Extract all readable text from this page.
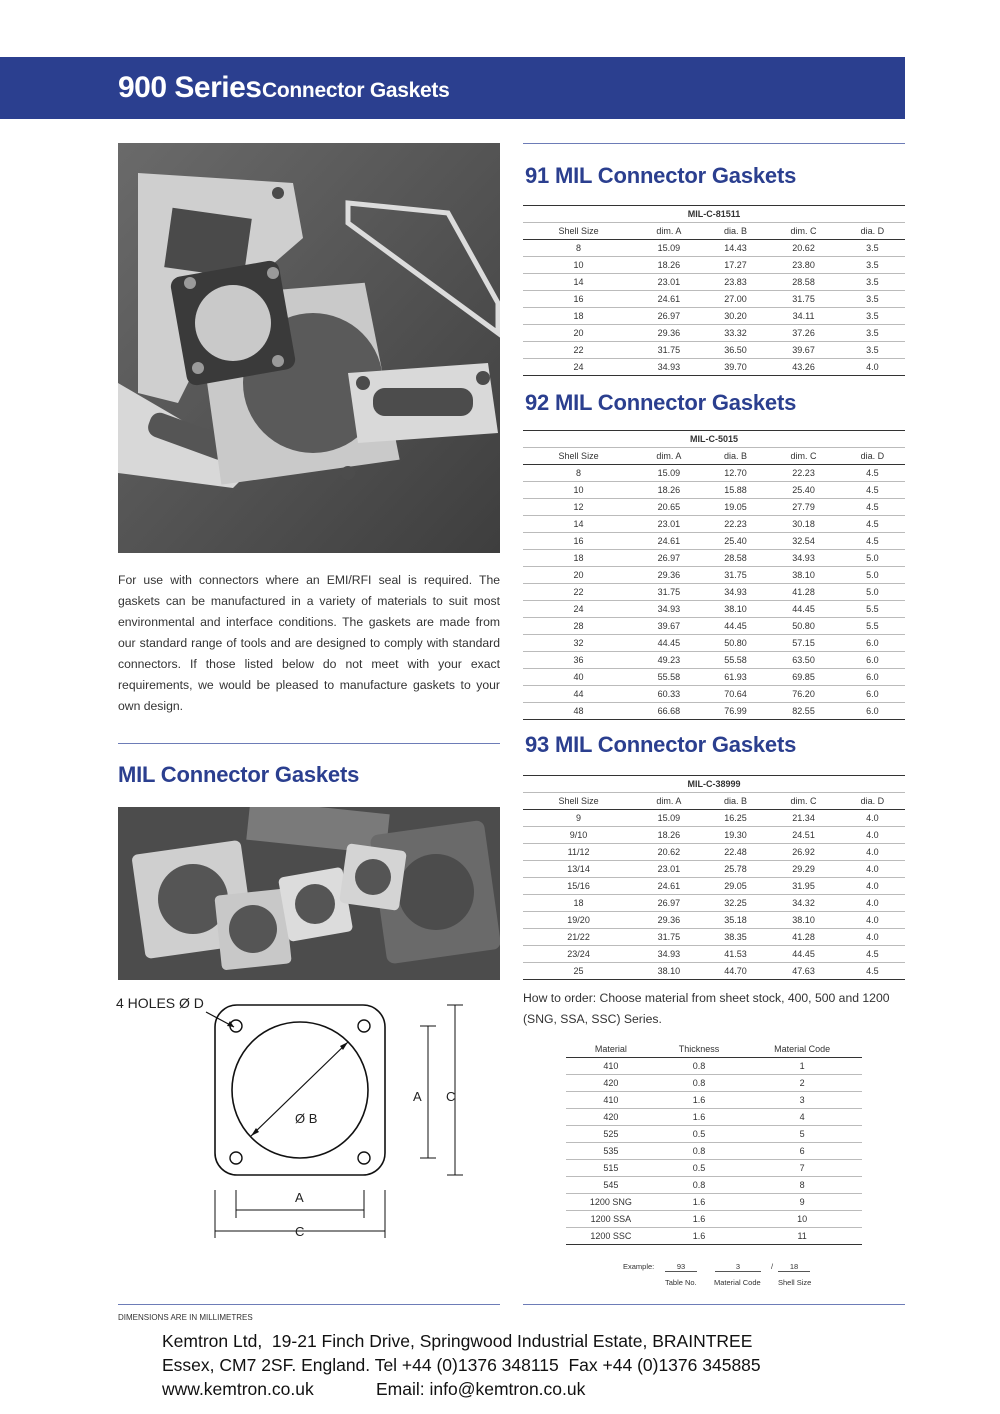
900 Series Connector Gaskets
For use with connectors where an EMI/RFI seal is required. The gaskets can be manufactured in a variety of materials to suit most environmental and interface conditions. The gaskets are made from our standard range of tools and are designed to comply with standard connectors. If those listed below do not meet with your exact requirements, we would be pleased to manufacture gaskets to your own design.
MIL Connector Gaskets
4 HOLES Ø D
Ø B
A C
A
C
91 MIL Connector Gaskets
MIL-C-81511				
Shell Size	dim. A	dia. B	dim. C	dia. D
8	15.09	14.43	20.62	3.5
10	18.26	17.27	23.80	3.5
14	23.01	23.83	28.58	3.5
16	24.61	27.00	31.75	3.5
18	26.97	30.20	34.11	3.5
20	29.36	33.32	37.26	3.5
22	31.75	36.50	39.67	3.5
24	34.93	39.70	43.26	4.0
92 MIL Connector Gaskets
MIL-C-5015				
Shell Size	dim. A	dia. B	dim. C	dia. D
8	15.09	12.70	22.23	4.5
10	18.26	15.88	25.40	4.5
12	20.65	19.05	27.79	4.5
14	23.01	22.23	30.18	4.5
16	24.61	25.40	32.54	4.5
18	26.97	28.58	34.93	5.0
20	29.36	31.75	38.10	5.0
22	31.75	34.93	41.28	5.0
24	34.93	38.10	44.45	5.5
28	39.67	44.45	50.80	5.5
32	44.45	50.80	57.15	6.0
36	49.23	55.58	63.50	6.0
40	55.58	61.93	69.85	6.0
44	60.33	70.64	76.20	6.0
48	66.68	76.99	82.55	6.0
93 MIL Connector Gaskets
MIL-C-38999				
Shell Size	dim. A	dia. B	dim. C	dia. D
9	15.09	16.25	21.34	4.0
9/10	18.26	19.30	24.51	4.0
11/12	20.62	22.48	26.92	4.0
13/14	23.01	25.78	29.29	4.0
15/16	24.61	29.05	31.95	4.0
18	26.97	32.25	34.32	4.0
19/20	29.36	35.18	38.10	4.0
21/22	31.75	38.35	41.28	4.0
23/24	34.93	41.53	44.45	4.5
25	38.10	44.70	47.63	4.5
How to order: Choose material from sheet stock, 400, 500 and 1200 (SNG, SSA, SSC) Series.
Material	Thickness	Material Code
410	0.8	1
420	0.8	2
410	1.6	3
420	1.6	4
525	0.5	5
535	0.8	6
515	0.5	7
545	0.8	8
1200 SNG	1.6	9
1200 SSA	1.6	10
1200 SSC	1.6	11
Example:	93	3	/	18
Table No. Material Code Shell Size
DIMENSIONS ARE IN MILLIMETRES
Kemtron Ltd,  19-21 Finch Drive, Springwood Industrial Estate, BRAINTREE
Essex, CM7 2SF. England. Tel +44 (0)1376 348115  Fax +44 (0)1376 345885
www.kemtron.co.uk	Email: info@kemtron.co.uk
